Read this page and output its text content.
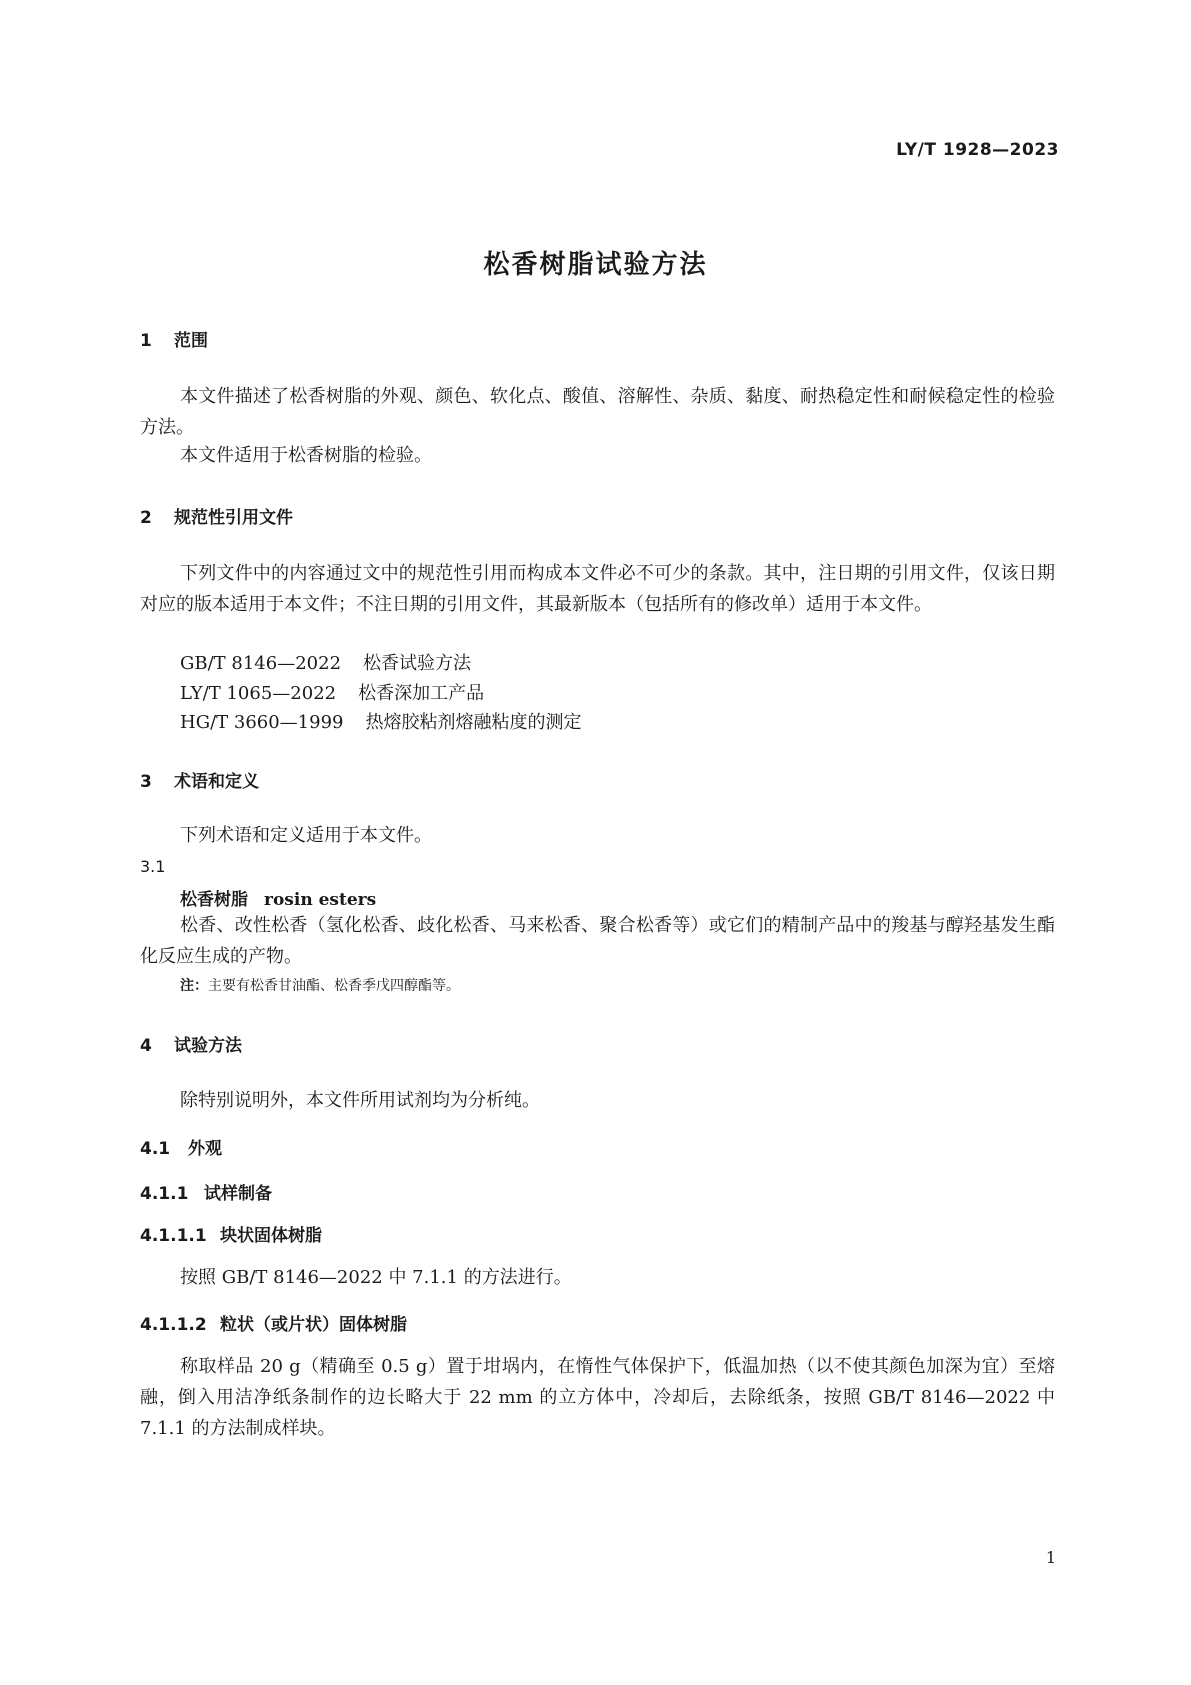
LY/T 1928—2023
松香树脂试验方法
1 范围
本文件描述了松香树脂的外观、颜色、软化点、酸值、溶解性、杂质、黏度、耐热稳定性和耐候稳定性的检验方法。
本文件适用于松香树脂的检验。
2 规范性引用文件
下列文件中的内容通过文中的规范性引用而构成本文件必不可少的条款。其中，注日期的引用文件，仅该日期对应的版本适用于本文件；不注日期的引用文件，其最新版本（包括所有的修改单）适用于本文件。
GB/T 8146—2022 松香试验方法
LY/T 1065—2022 松香深加工产品
HG/T 3660—1999 热熔胶粘剂熔融粘度的测定
3 术语和定义
下列术语和定义适用于本文件。
3.1
松香树脂 rosin esters
松香、改性松香（氢化松香、歧化松香、马来松香、聚合松香等）或它们的精制产品中的羧基与醇羟基发生酯化反应生成的产物。
注：主要有松香甘油酯、松香季戊四醇酯等。
4 试验方法
除特别说明外，本文件所用试剂均为分析纯。
4.1 外观
4.1.1 试样制备
4.1.1.1 块状固体树脂
按照 GB/T 8146—2022 中 7.1.1 的方法进行。
4.1.1.2 粒状（或片状）固体树脂
称取样品 20 g（精确至 0.5 g）置于坩埚内，在惰性气体保护下，低温加热（以不使其颜色加深为宜）至熔融，倒入用洁净纸条制作的边长略大于 22 mm 的立方体中，冷却后，去除纸条，按照 GB/T 8146—2022 中 7.1.1 的方法制成样块。
1
